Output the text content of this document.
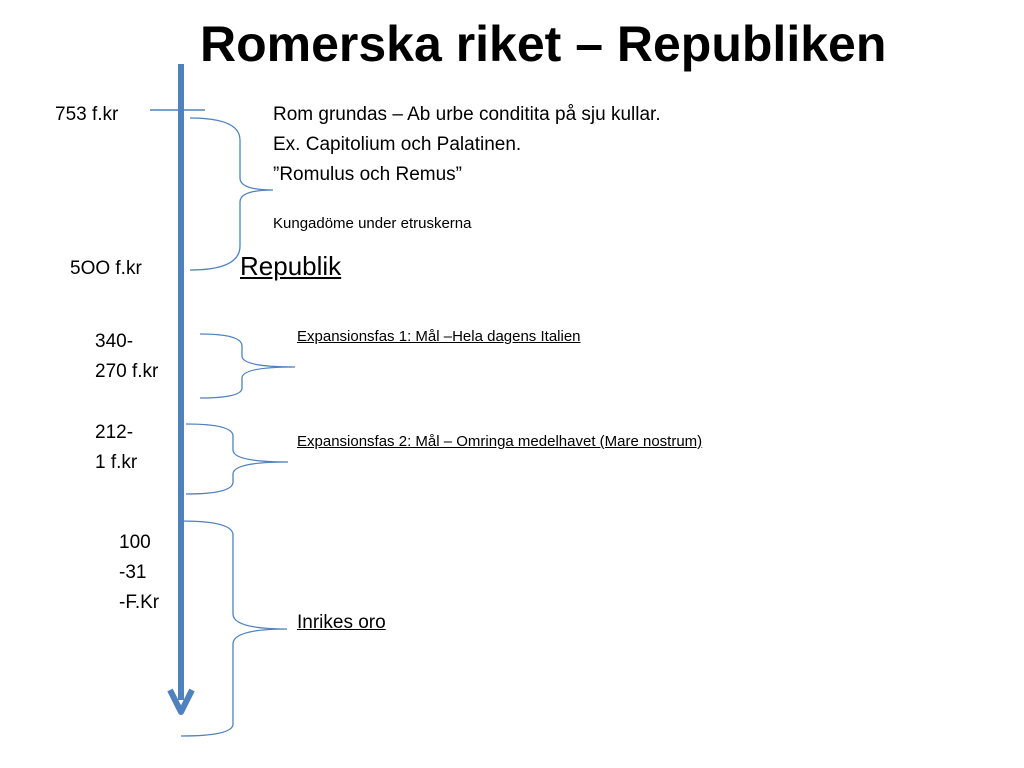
Romerska riket – Republiken

753 f.kr

5OO f.kr

340-

270 f.kr

212-

1 f.kr

100

-31

-F.Kr

Rom grundas – Ab urbe conditita på sju kullar.

Ex. Capitolium och Palatinen.

”Romulus och Remus”

Kungadöme under etruskerna

Republik

Expansionsfas 1: Mål –Hela dagens Italien

Expansionsfas 2: Mål – Omringa medelhavet (Mare nostrum)

Inrikes oro
